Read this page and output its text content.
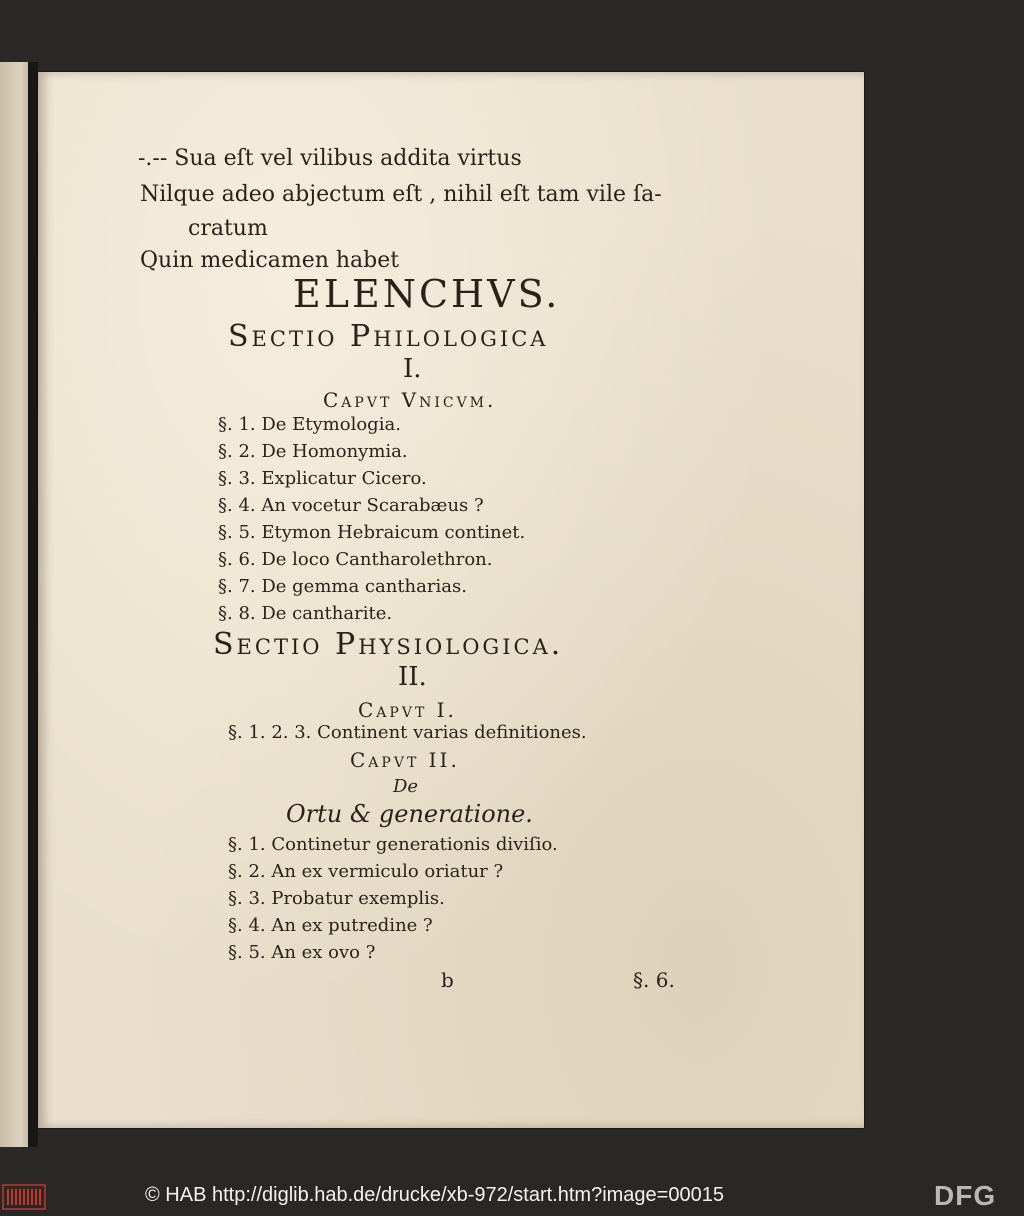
-.-- Sua eſt vel vilibus addita virtus
Nilque adeo abjectum eſt , nihil eſt tam vile ſa-
cratum
Quin medicamen habet
ELENCHVS.
Sectio Philologica
I.
Capvt Vnicvm.
§. 1. De Etymologia.
§. 2. De Homonymia.
§. 3. Explicatur Cicero.
§. 4. An vocetur Scarabæus ?
§. 5. Etymon Hebraicum continet.
§. 6. De loco Cantharolethron.
§. 7. De gemma cantharias.
§. 8. De cantharite.
Sectio Physiologica.
II.
Capvt I.
§. 1. 2. 3. Continent varias definitiones.
Capvt II.
De
Ortu & generatione.
§. 1. Continetur generationis diviſio.
§. 2. An ex vermiculo oriatur ?
§. 3. Probatur exemplis.
§. 4. An ex putredine ?
§. 5. An ex ovo ?
b	§. 6.
© HAB http://diglib.hab.de/drucke/xb-972/start.htm?image=00015	DFG
